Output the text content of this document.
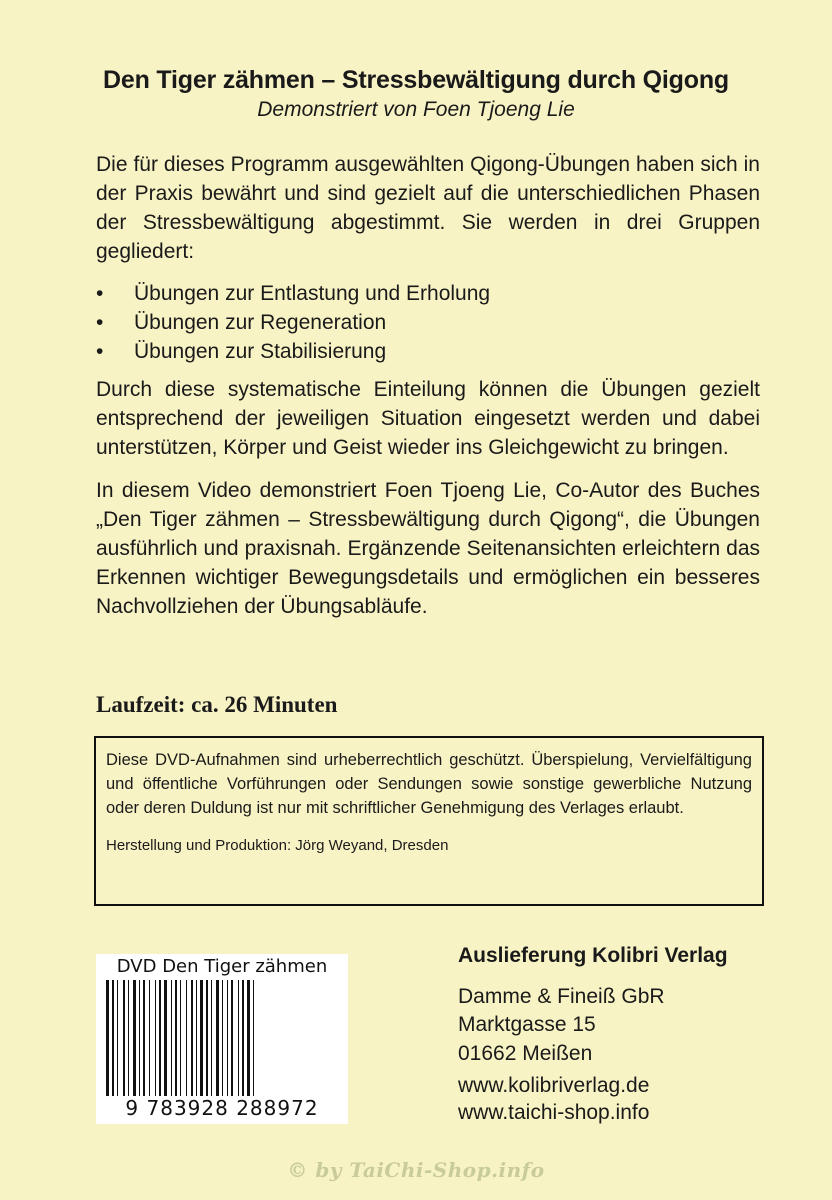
Den Tiger zähmen – Stressbewältigung durch Qigong
Demonstriert von Foen Tjoeng Lie

Die für dieses Programm ausgewählten Qigong-Übungen haben sich in der Praxis bewährt und sind gezielt auf die unterschiedlichen Phasen der Stressbewältigung abgestimmt. Sie werden in drei Gruppen gegliedert:

• Übungen zur Entlastung und Erholung
• Übungen zur Regeneration
• Übungen zur Stabilisierung

Durch diese systematische Einteilung können die Übungen gezielt entsprechend der jeweiligen Situation eingesetzt werden und dabei unterstützen, Körper und Geist wieder ins Gleichgewicht zu bringen.

In diesem Video demonstriert Foen Tjoeng Lie, Co-Autor des Buches „Den Tiger zähmen – Stressbewältigung durch Qigong“, die Übungen ausführlich und praxisnah. Ergänzende Seitenansichten erleichtern das Erkennen wichtiger Bewegungsdetails und ermöglichen ein besseres Nachvollziehen der Übungsabläufe.

Laufzeit: ca. 26 Minuten

Diese DVD-Aufnahmen sind urheberrechtlich geschützt. Überspielung, Vervielfältigung und öffentliche Vorführungen oder Sendungen sowie sonstige gewerbliche Nutzung oder deren Duldung ist nur mit schriftlicher Genehmigung des Verlages erlaubt.

Herstellung und Produktion: Jörg Weyand, Dresden

DVD Den Tiger zähmen
9 783928 288972
Auslieferung Kolibri Verlag
Damme & Fineiß GbR
Marktgasse 15
01662 Meißen
www.kolibriverlag.de
www.taichi-shop.info
© by TaiChi-Shop.info
